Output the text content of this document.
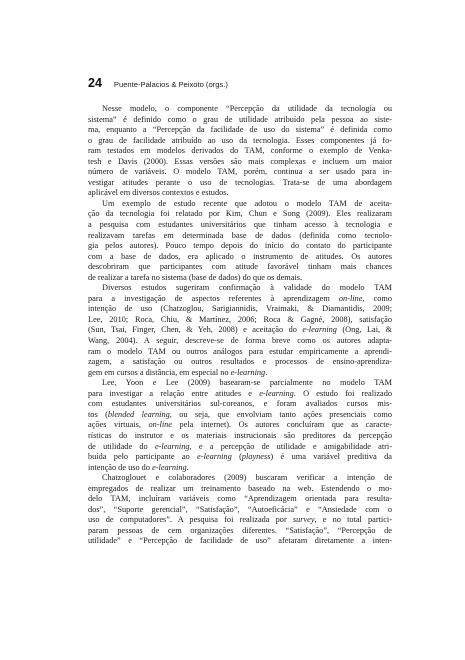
24 Puente-Palacios & Peixoto (orgs.)
Nesse modelo, o componente “Percepção da utilidade da tecnologia ou
sistema” é definido como o grau de utilidade atribuído pela pessoa ao siste-
ma, enquanto a “Percepção da facilidade de uso do sistema” é definida como
o grau de facilidade atribuído ao uso da tecnologia. Esses componentes já fo-
ram testados em modelos derivados do TAM, conforme o exemplo de Venka-
tesh e Davis (2000). Essas versões são mais complexas e incluem um maior
número de variáveis. O modelo TAM, porém, continua a ser usado para in-
vestigar atitudes perante o uso de tecnologias. Trata-se de uma abordagem
aplicável em diversos contextos e estudos.
Um exemplo de estudo recente que adotou o modelo TAM de aceita-
ção da tecnologia foi relatado por Kim, Chun e Song (2009). Eles realizaram
a pesquisa com estudantes universitários que tinham acesso à tecnologia e
realizavam tarefas em determinada base de dados (definida como tecnolo-
gia pelos autores). Pouco tempo depois do início do contato do participante
com a base de dados, era aplicado o instrumento de atitudes. Os autores
descobriram que participantes com atitude favorável tinham mais chances
de realizar a tarefa no sistema (base de dados) do que os demais.
Diversos estudos sugeriram confirmação à validade do modelo TAM
para a investigação de aspectos referentes à aprendizagem on-line, como
intenção de uso (Chatzoglou, Sarigiannidis, Vraimaki, & Diamantidis, 2009;
Lee, 2010; Roca, Chiu, & Martínez, 2006; Roca & Gagné, 2008), satisfação
(Sun, Tsai, Finger, Chen, & Yeh, 2008) e aceitação do e-learning (Ong, Lai, &
Wang, 2004). A seguir, descreve-se de forma breve como os autores adapta-
ram o modelo TAM ou outros análogos para estudar empiricamente a aprendi-
zagem, a satisfação ou outros resultados e processos de ensino-aprendiza-
gem em cursos a distância, em especial no e-learning.
Lee, Yoon e Lee (2009) basearam-se parcialmente no modelo TAM
para investigar a relação entre atitudes e e-learning. O estudo foi realizado
com estudantes universitários sul-coreanos, e foram avaliados cursos mis-
tos (blended learning, ou seja, que envolviam tanto ações presenciais como
ações virtuais, on-line pela internet). Os autores concluíram que as caracte-
rísticas do instrutor e os materiais instrucionais são preditores da percepção
de utilidade do e-learning, e a percepção de utilidade e amigabilidade atri-
buída pelo participante ao e-learning (playness) é uma variável preditiva da
intenção de uso do e-learning.
Chatzoglouet e colaboradores (2009) buscaram verificar a intenção de
empregados de realizar um treinamento baseado na web. Estendendo o mo-
delo TAM, incluíram variáveis como “Aprendizagem orientada para resulta-
dos”, “Suporte gerencial”, “Satisfação”, “Autoeficácia” e “Ansiedade com o
uso de computadores”. A pesquisa foi realizada por survey, e no total partici-
param pessoas de cem organizações diferentes. “Satisfação”, “Percepção de
utilidade” e “Percepção de facilidade de uso” afetaram diretamente a inten-
